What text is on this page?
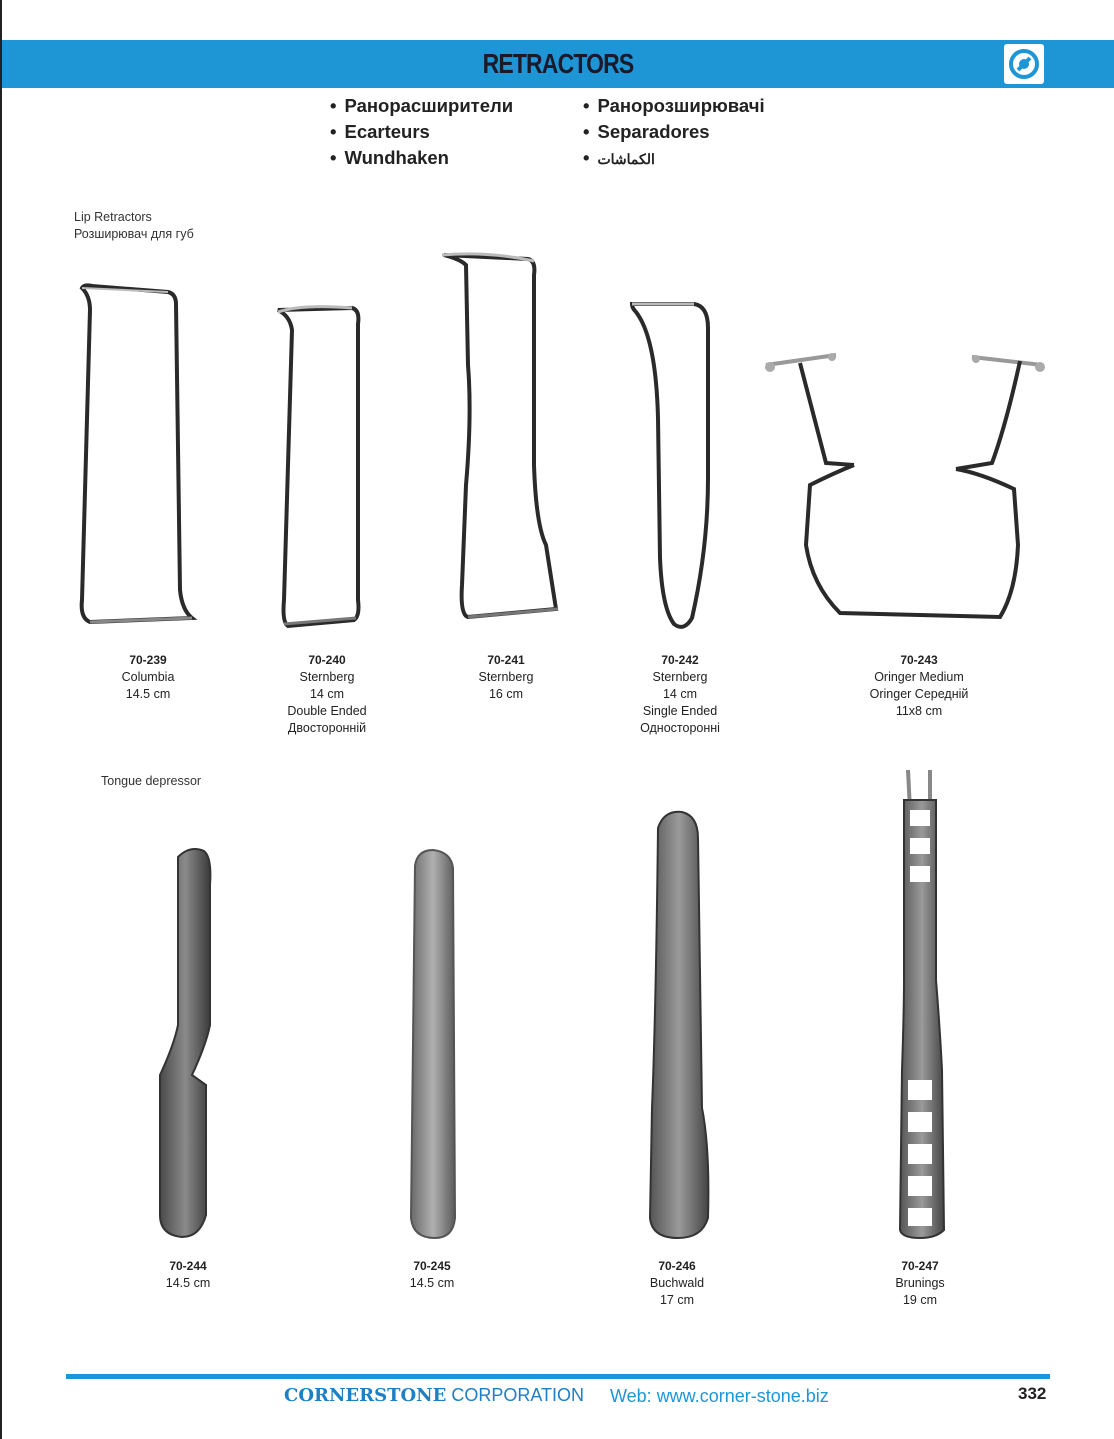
RETRACTORS
• Ранорасширители
• Ecarteurs
• Wundhaken
• Ранорозширювачі
• Separadores
• الكماشات
Lip Retractors
Розширювач для губ
Tongue depressor
70-239
Columbia
14.5 cm
70-240
Sternberg
14 cm
Double Ended
Двосторонній
70-241
Sternberg
16 cm
70-242
Sternberg
14 cm
Single Ended
Односторонні
70-243
Oringer Medium
Oringer Середній
11x8 cm
70-244
14.5 cm
70-245
14.5 cm
70-246
Buchwald
17 cm
70-247
Brunings
19 cm
CORNERSTONE CORPORATION Web: www.corner-stone.biz	332
